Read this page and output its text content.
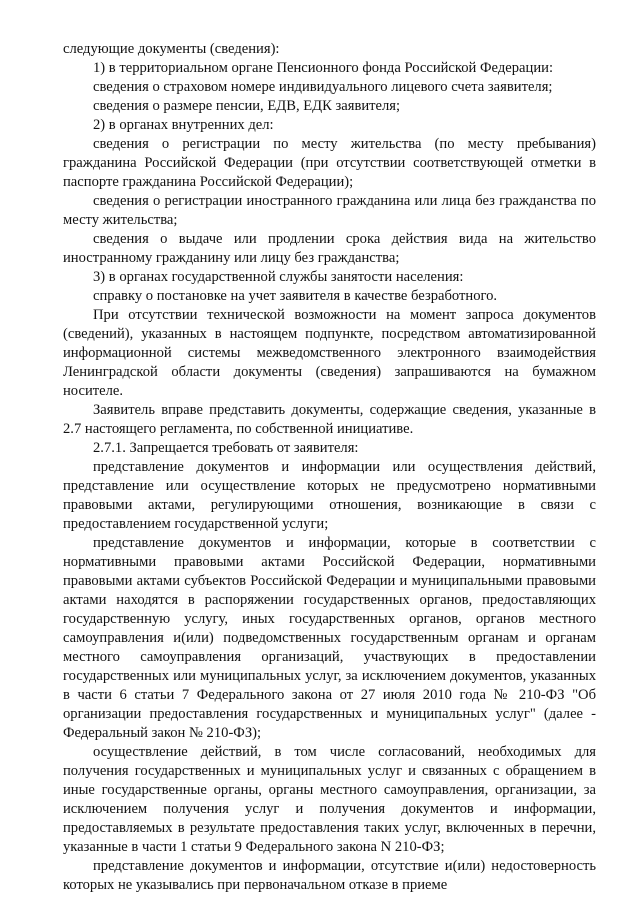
следующие документы (сведения):

1) в территориальном органе Пенсионного фонда Российской Федерации:

сведения о страховом номере индивидуального лицевого счета заявителя;

сведения о размере пенсии, ЕДВ, ЕДК заявителя;

2) в органах внутренних дел:

сведения о регистрации по месту жительства (по месту пребывания) гражданина Российской Федерации (при отсутствии соответствующей отметки в паспорте гражданина Российской Федерации);

сведения о регистрации иностранного гражданина или лица без гражданства по месту жительства;

сведения о выдаче или продлении срока действия вида на жительство иностранному гражданину или лицу без гражданства;

3) в органах государственной службы занятости населения:

справку о постановке на учет заявителя в качестве безработного.

При отсутствии технической возможности на момент запроса документов (сведений), указанных в настоящем подпункте, посредством автоматизированной информационной системы межведомственного электронного взаимодействия Ленинградской области документы (сведения) запрашиваются на бумажном носителе.

Заявитель вправе представить документы, содержащие сведения, указанные в 2.7 настоящего регламента, по собственной инициативе.

2.7.1. Запрещается требовать от заявителя:

представление документов и информации или осуществления действий, представление или осуществление которых не предусмотрено нормативными правовыми актами, регулирующими отношения, возникающие в связи с предоставлением государственной услуги;

представление документов и информации, которые в соответствии с нормативными правовыми актами Российской Федерации, нормативными правовыми актами субъектов Российской Федерации и муниципальными правовыми актами находятся в распоряжении государственных органов, предоставляющих государственную услугу, иных государственных органов, органов местного самоуправления и(или) подведомственных государственным органам и органам местного самоуправления организаций, участвующих в предоставлении государственных или муниципальных услуг, за исключением документов, указанных в части 6 статьи 7 Федерального закона от 27 июля 2010 года № 210-ФЗ "Об организации предоставления государственных и муниципальных услуг" (далее - Федеральный закон № 210-ФЗ);

осуществление действий, в том числе согласований, необходимых для получения государственных и муниципальных услуг и связанных с обращением в иные государственные органы, органы местного самоуправления, организации, за исключением получения услуг и получения документов и информации, предоставляемых в результате предоставления таких услуг, включенных в перечни, указанные в части 1 статьи 9 Федерального закона N 210-ФЗ;

представление документов и информации, отсутствие и(или) недостоверность которых не указывались при первоначальном отказе в приеме
